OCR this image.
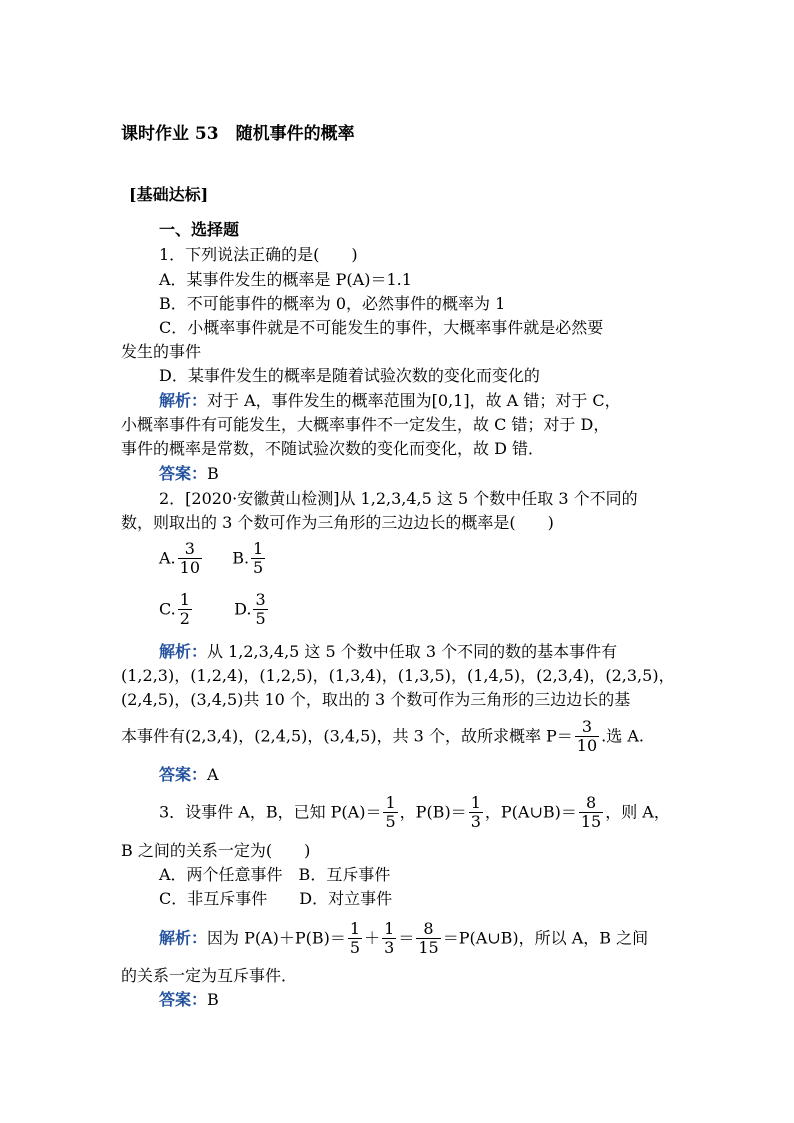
课时作业 53　随机事件的概率
[基础达标]
一、选择题
1．下列说法正确的是(　　)
A．某事件发生的概率是 P(A)＝1.1
B．不可能事件的概率为 0，必然事件的概率为 1
C．小概率事件就是不可能发生的事件，大概率事件就是必然要
发生的事件
D．某事件发生的概率是随着试验次数的变化而变化的
解析：对于 A，事件发生的概率范围为[0,1]，故 A 错；对于 C，
小概率事件有可能发生，大概率事件不一定发生，故 C 错；对于 D，
事件的概率是常数，不随试验次数的变化而变化，故 D 错．
答案：B
2．[2020·安徽黄山检测]从 1,2,3,4,5 这 5 个数中任取 3 个不同的
数，则取出的 3 个数可作为三角形的三边边长的概率是(　　)
A. $\frac{3}{10} B$. $\frac{1}{5}$
C. $\frac{1}{2}$	D. $\frac{3}{5}$
解析：从 1,2,3,4,5 这 5 个数中任取 3 个不同的数的基本事件有
(1,2,3)，(1,2,4)，(1,2,5)，(1,3,4)，(1,3,5)，(1,4,5)，(2,3,4)，(2,3,5)，
(2,4,5)，(3,4,5)共 10 个，取出的 3 个数可作为三角形的三边边长的基
本事件有(2,3,4)，(2,4,5)，(3,4,5)，共 3 个，故所求概率 $P= \frac{3}{10}$ .选 A.
答案：A
3．设事件 A，B，已知 $P(A)= \frac{1}{5}$ ，$P(B)= \frac{1}{3}$ ，P(A∪B)＝ $\frac{8}{15}$ ，则 A，
B 之间的关系一定为(　　)
A．两个任意事件　B．互斥事件
C．非互斥事件　　D．对立事件
解析：因为 $P(A)+P(B)= \frac{1}{5} + \frac{1}{3} = \frac{8}{15}$ ＝P(A∪B)，所以 A，B 之间
的关系一定为互斥事件．
答案：B
